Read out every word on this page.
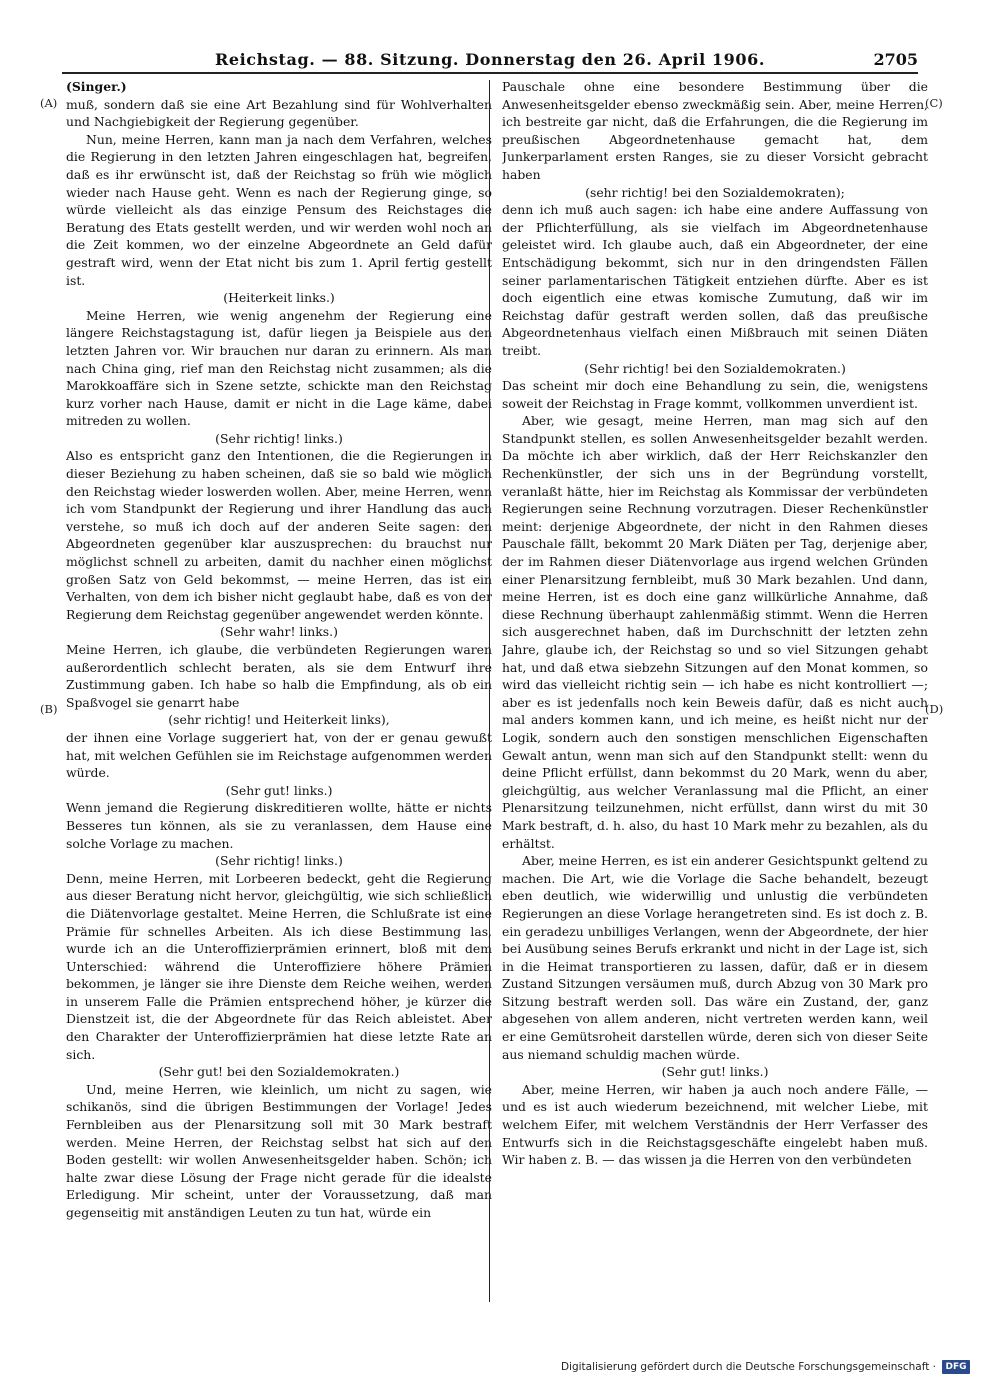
Reichstag. — 88. Sitzung. Donnerstag den 26. April 1906.	2705
(A)
(B)
(C)
(D)

(Singer.)

muß, sondern daß sie eine Art Bezahlung sind für Wohlverhalten und Nachgiebigkeit der Regierung gegenüber.

Nun, meine Herren, kann man ja nach dem Verfahren, welches die Regierung in den letzten Jahren eingeschlagen hat, begreifen, daß es ihr erwünscht ist, daß der Reichstag so früh wie möglich wieder nach Hause geht. Wenn es nach der Regierung ginge, so würde vielleicht als das einzige Pensum des Reichstages die Beratung des Etats gestellt werden, und wir werden wohl noch an die Zeit kommen, wo der einzelne Abgeordnete an Geld dafür gestraft wird, wenn der Etat nicht bis zum 1. April fertig gestellt ist.

(Heiterkeit links.)

Meine Herren, wie wenig angenehm der Regierung eine längere Reichstagstagung ist, dafür liegen ja Beispiele aus den letzten Jahren vor. Wir brauchen nur daran zu erinnern. Als man nach China ging, rief man den Reichstag nicht zusammen; als die Marokkoaffäre sich in Szene setzte, schickte man den Reichstag kurz vorher nach Hause, damit er nicht in die Lage käme, dabei mitreden zu wollen.

(Sehr richtig! links.)

Also es entspricht ganz den Intentionen, die die Regierungen in dieser Beziehung zu haben scheinen, daß sie so bald wie möglich den Reichstag wieder loswerden wollen. Aber, meine Herren, wenn ich vom Standpunkt der Regierung und ihrer Handlung das auch verstehe, so muß ich doch auf der anderen Seite sagen: den Abgeordneten gegenüber klar auszusprechen: du brauchst nur möglichst schnell zu arbeiten, damit du nachher einen möglichst großen Satz von Geld bekommst, — meine Herren, das ist ein Verhalten, von dem ich bisher nicht geglaubt habe, daß es von der Regierung dem Reichstag gegenüber angewendet werden könnte.

(Sehr wahr! links.)

Meine Herren, ich glaube, die verbündeten Regierungen waren außerordentlich schlecht beraten, als sie dem Entwurf ihre Zustimmung gaben. Ich habe so halb die Empfindung, als ob ein Spaßvogel sie genarrt habe

(sehr richtig! und Heiterkeit links),

der ihnen eine Vorlage suggeriert hat, von der er genau gewußt hat, mit welchen Gefühlen sie im Reichstage aufgenommen werden würde.

(Sehr gut! links.)

Wenn jemand die Regierung diskreditieren wollte, hätte er nichts Besseres tun können, als sie zu veranlassen, dem Hause eine solche Vorlage zu machen.

(Sehr richtig! links.)

Denn, meine Herren, mit Lorbeeren bedeckt, geht die Regierung aus dieser Beratung nicht hervor, gleichgültig, wie sich schließlich die Diätenvorlage gestaltet. Meine Herren, die Schlußrate ist eine Prämie für schnelles Arbeiten. Als ich diese Bestimmung las, wurde ich an die Unteroffizierprämien erinnert, bloß mit dem Unterschied: während die Unteroffiziere höhere Prämien bekommen, je länger sie ihre Dienste dem Reiche weihen, werden in unserem Falle die Prämien entsprechend höher, je kürzer die Dienstzeit ist, die der Abgeordnete für das Reich ableistet. Aber den Charakter der Unteroffizierprämien hat diese letzte Rate an sich.

(Sehr gut! bei den Sozialdemokraten.)

Und, meine Herren, wie kleinlich, um nicht zu sagen, wie schikanös, sind die übrigen Bestimmungen der Vorlage! Jedes Fernbleiben aus der Plenarsitzung soll mit 30 Mark bestraft werden. Meine Herren, der Reichstag selbst hat sich auf den Boden gestellt: wir wollen Anwesenheitsgelder haben. Schön; ich halte zwar diese Lösung der Frage nicht gerade für die idealste Erledigung. Mir scheint, unter der Voraussetzung, daß man gegenseitig mit anständigen Leuten zu tun hat, würde ein

Pauschale ohne eine besondere Bestimmung über die Anwesenheitsgelder ebenso zweckmäßig sein. Aber, meine Herren, ich bestreite gar nicht, daß die Erfahrungen, die die Regierung im preußischen Abgeordnetenhause gemacht hat, dem Junkerparlament ersten Ranges, sie zu dieser Vorsicht gebracht haben

(sehr richtig! bei den Sozialdemokraten);

denn ich muß auch sagen: ich habe eine andere Auffassung von der Pflichterfüllung, als sie vielfach im Abgeordnetenhause geleistet wird. Ich glaube auch, daß ein Abgeordneter, der eine Entschädigung bekommt, sich nur in den dringendsten Fällen seiner parlamentarischen Tätigkeit entziehen dürfte. Aber es ist doch eigentlich eine etwas komische Zumutung, daß wir im Reichstag dafür gestraft werden sollen, daß das preußische Abgeordnetenhaus vielfach einen Mißbrauch mit seinen Diäten treibt.

(Sehr richtig! bei den Sozialdemokraten.)

Das scheint mir doch eine Behandlung zu sein, die, wenigstens soweit der Reichstag in Frage kommt, vollkommen unverdient ist.

Aber, wie gesagt, meine Herren, man mag sich auf den Standpunkt stellen, es sollen Anwesenheitsgelder bezahlt werden. Da möchte ich aber wirklich, daß der Herr Reichskanzler den Rechenkünstler, der sich uns in der Begründung vorstellt, veranlaßt hätte, hier im Reichstag als Kommissar der verbündeten Regierungen seine Rechnung vorzutragen. Dieser Rechenkünstler meint: derjenige Abgeordnete, der nicht in den Rahmen dieses Pauschale fällt, bekommt 20 Mark Diäten per Tag, derjenige aber, der im Rahmen dieser Diätenvorlage aus irgend welchen Gründen einer Plenarsitzung fernbleibt, muß 30 Mark bezahlen. Und dann, meine Herren, ist es doch eine ganz willkürliche Annahme, daß diese Rechnung überhaupt zahlenmäßig stimmt. Wenn die Herren sich ausgerechnet haben, daß im Durchschnitt der letzten zehn Jahre, glaube ich, der Reichstag so und so viel Sitzungen gehabt hat, und daß etwa siebzehn Sitzungen auf den Monat kommen, so wird das vielleicht richtig sein — ich habe es nicht kontrolliert —; aber es ist jedenfalls noch kein Beweis dafür, daß es nicht auch mal anders kommen kann, und ich meine, es heißt nicht nur der Logik, sondern auch den sonstigen menschlichen Eigenschaften Gewalt antun, wenn man sich auf den Standpunkt stellt: wenn du deine Pflicht erfüllst, dann bekommst du 20 Mark, wenn du aber, gleichgültig, aus welcher Veranlassung mal die Pflicht, an einer Plenarsitzung teilzunehmen, nicht erfüllst, dann wirst du mit 30 Mark bestraft, d. h. also, du hast 10 Mark mehr zu bezahlen, als du erhältst.

Aber, meine Herren, es ist ein anderer Gesichtspunkt geltend zu machen. Die Art, wie die Vorlage die Sache behandelt, bezeugt eben deutlich, wie widerwillig und unlustig die verbündeten Regierungen an diese Vorlage herangetreten sind. Es ist doch z. B. ein geradezu unbilliges Verlangen, wenn der Abgeordnete, der hier bei Ausübung seines Berufs erkrankt und nicht in der Lage ist, sich in die Heimat transportieren zu lassen, dafür, daß er in diesem Zustand Sitzungen versäumen muß, durch Abzug von 30 Mark pro Sitzung bestraft werden soll. Das wäre ein Zustand, der, ganz abgesehen von allem anderen, nicht vertreten werden kann, weil er eine Gemütsroheit darstellen würde, deren sich von dieser Seite aus niemand schuldig machen würde.

(Sehr gut! links.)

Aber, meine Herren, wir haben ja auch noch andere Fälle, — und es ist auch wiederum bezeichnend, mit welcher Liebe, mit welchem Eifer, mit welchem Verständnis der Herr Verfasser des Entwurfs sich in die Reichstagsgeschäfte eingelebt haben muß. Wir haben z. B. — das wissen ja die Herren von den verbündeten

Digitalisierung gefördert durch die Deutsche Forschungsgemeinschaft ·	DFG
